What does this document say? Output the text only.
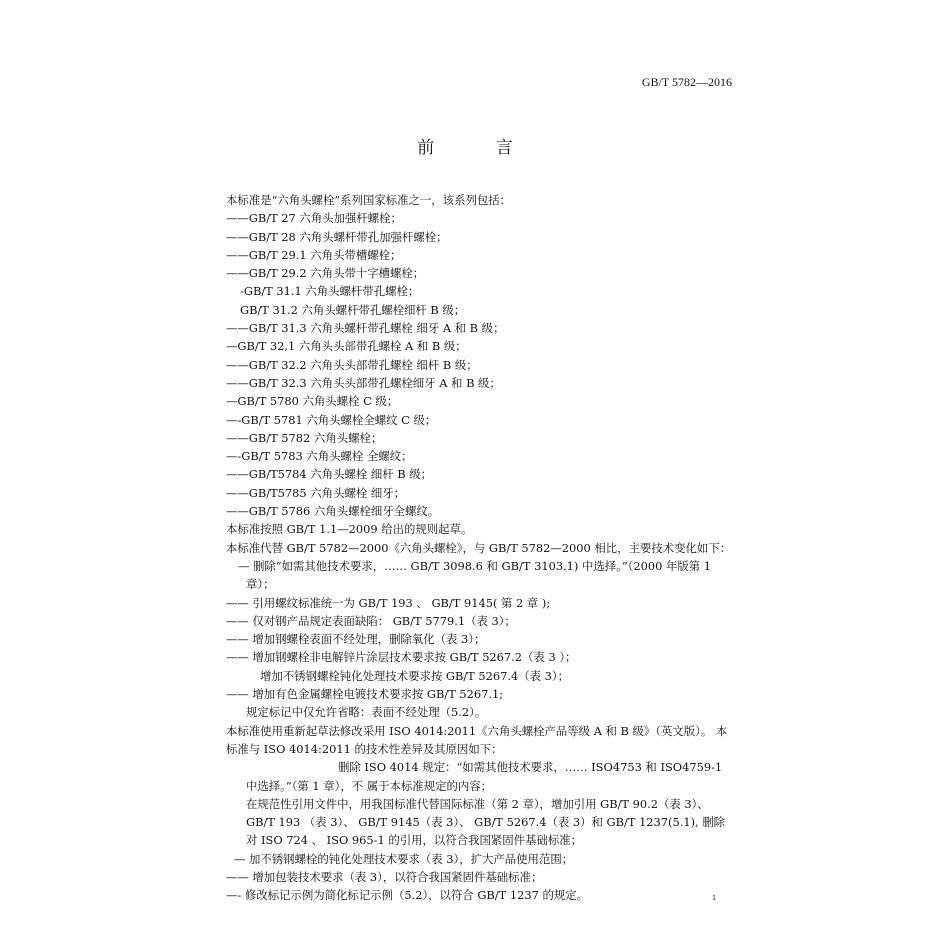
GB/T 5782—2016
前 言
本标准是“六角头螺栓”系列国家标准之一，该系列包括：
——GB/T 27 六角头加强杆螺栓；
——GB/T 28 六角头螺杆带孔加强杆螺栓；
——GB/T 29.1 六角头带槽螺栓；
——GB/T 29.2 六角头带十字槽螺栓；
-GB/T 31.1 六角头螺杆带孔螺栓；
GB/T 31.2 六角头螺杆带孔螺栓细杆 B 级；
——GB/T 31.3 六角头螺杆带孔螺栓 细牙 A 和 B 级；
—GB/T 32,1 六角头头部带孔螺栓 A 和 B 级；
——GB/T 32.2 六角头头部带孔螺栓 细杆 B 级；
——GB/T 32.3 六角头头部带孔螺栓细牙 A 和 B 级；
—GB/T 5780 六角头螺栓 C 级；
—-GB/T 5781 六角头螺栓全螺纹 C 级；
——GB/T 5782 六角头螺栓；
—-GB/T 5783 六角头螺栓 全螺纹；
——GB/T5784 六角头螺栓 细杆 B 级；
——GB/T5785 六角头螺栓 细牙；
——GB/T 5786 六角头螺栓细牙全螺纹。
本标准按照 GB/T 1.1—2009 给出的规则起草。
本标准代替 GB/T 5782—2000《六角头螺栓》，与 GB/T 5782—2000 相比，主要技术变化如下：
— 删除“如需其他技术要求，…… GB/T 3098.6 和 GB/T 3103.1) 中选择。”（2000 年版第 1 章）；
—— 引用螺纹标准统一为 GB/T 193 、 GB/T 9145( 第 2 章 );
—— 仅对钢产品规定表面缺陷： GB/T 5779.1（表 3）；
—— 增加钢螺栓表面不经处理，删除氧化（表 3）；
—— 增加钢螺栓非电解锌片涂层技术要求按 GB/T 5267.2（表 3 ）；
增加不锈钢螺栓钝化处理技术要求按 GB/T 5267.4（表 3）；
—— 增加有色金属螺栓电镀技术要求按 GB/T 5267.1;
规定标记中仅允许省略：表面不经处理（5.2）。
本标准使用重新起草法修改采用 ISO 4014:2011《六角头螺栓产品等级 A 和 B 级》（英文版）。 本标准与 ISO 4014:2011 的技术性差异及其原因如下：
删除 ISO 4014 规定：“如需其他技术要求，…… ISO4753 和 ISO4759-1
中选择。”（第 1 章），不 属于本标准规定的内容；
在规范性引用文件中，用我国标准代替国际标准（第 2 章），增加引用 GB/T 90.2（表 3）、 GB/T 193 （表 3）、 GB/T 9145（表 3）、 GB/T 5267.4（表 3）和 GB/T 1237(5.1), 删除对 ISO 724 、 ISO 965-1 的引用，以符合我国紧固件基础标准；
— 加不锈钢螺栓的钝化处理技术要求（表 3），扩大产品使用范围；
—— 增加包装技术要求（表 3），以符合我国紧固件基础标准；
—- 修改标记示例为简化标记示例（5.2），以符合 GB/T 1237 的规定。	1
